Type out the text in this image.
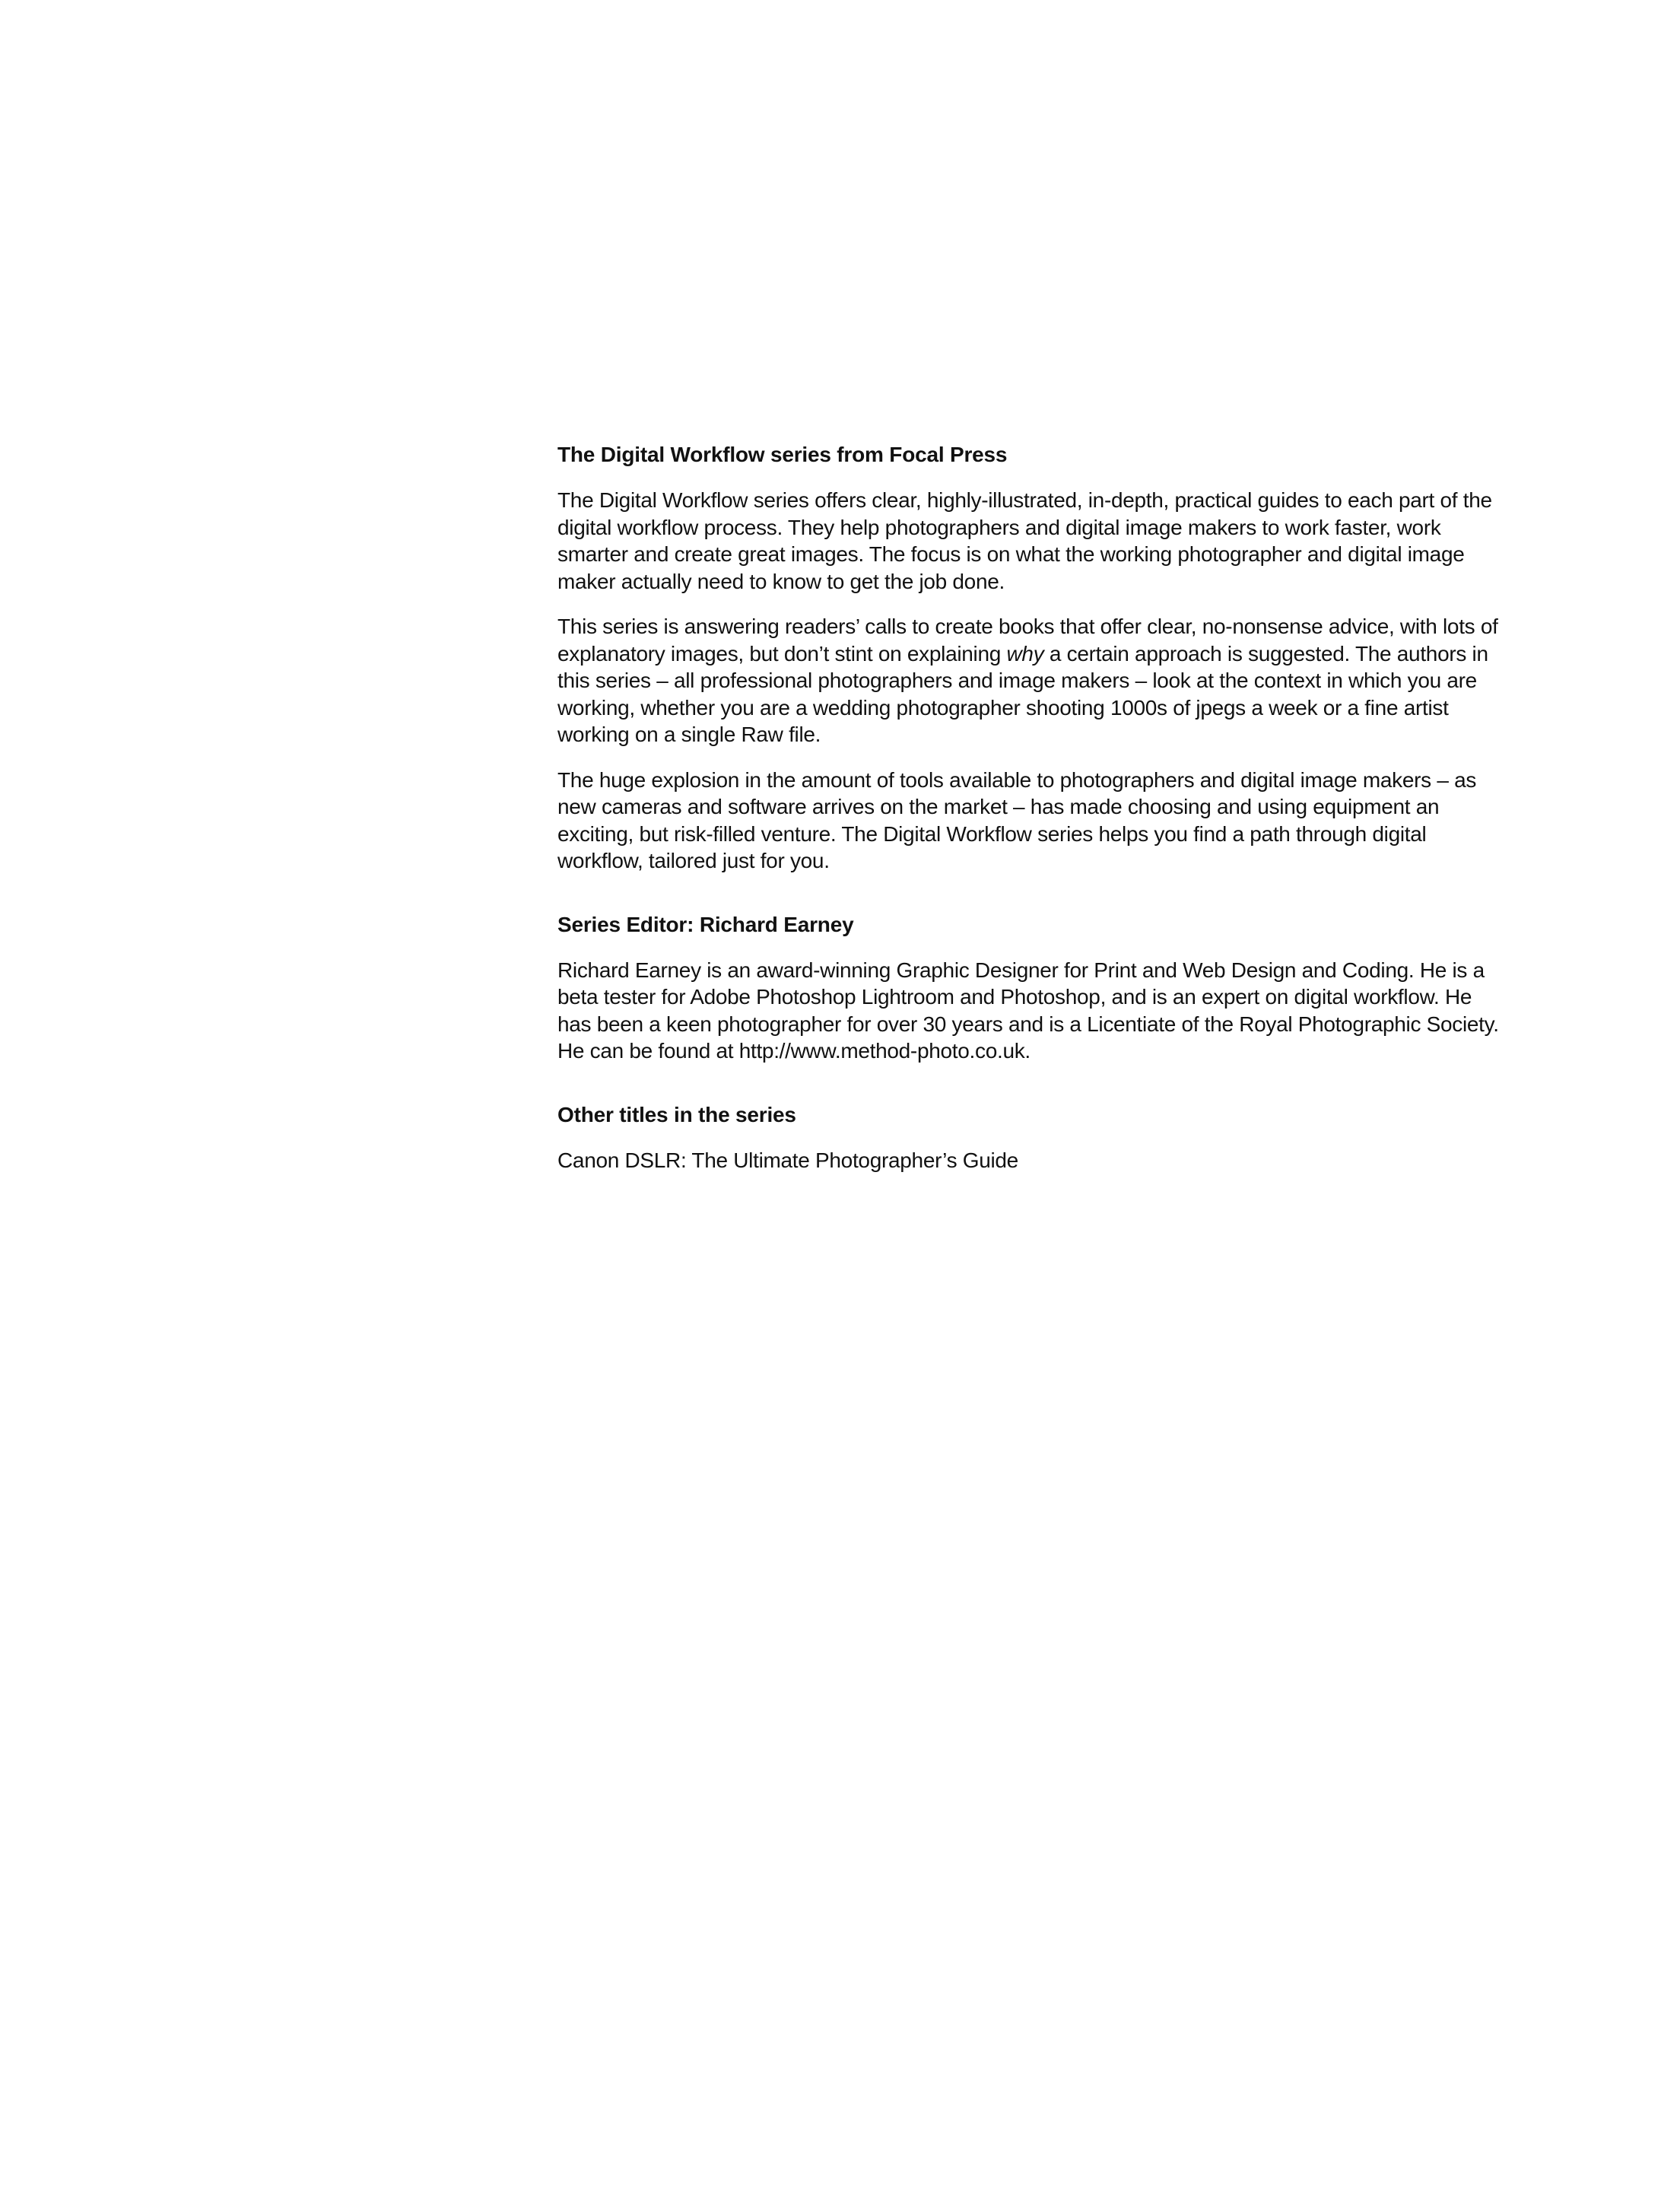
The Digital Workflow series from Focal Press

The Digital Workflow series offers clear, highly-illustrated, in-depth, practical guides to each part of the digital workflow process. They help photographers and digital image makers to work faster, work smarter and create great images. The focus is on what the working photographer and digital image maker actually need to know to get the job done.

This series is answering readers’ calls to create books that offer clear, no-nonsense advice, with lots of explanatory images, but don’t stint on explaining why a certain approach is suggested. The authors in this series – all professional photographers and image makers – look at the context in which you are working, whether you are a wedding photographer shooting 1000s of jpegs a week or a fine artist working on a single Raw file.

The huge explosion in the amount of tools available to photographers and digital image makers – as new cameras and software arrives on the market – has made choosing and using equipment an exciting, but risk-filled venture. The Digital Workflow series helps you find a path through digital workflow, tailored just for you.

Series Editor: Richard Earney

Richard Earney is an award-winning Graphic Designer for Print and Web Design and Coding. He is a beta tester for Adobe Photoshop Lightroom and Photoshop, and is an expert on digital workflow. He has been a keen photographer for over 30 years and is a Licentiate of the Royal Photographic Society. He can be found at http://www.method-photo.co.uk.

Other titles in the series

Canon DSLR: The Ultimate Photographer’s Guide
